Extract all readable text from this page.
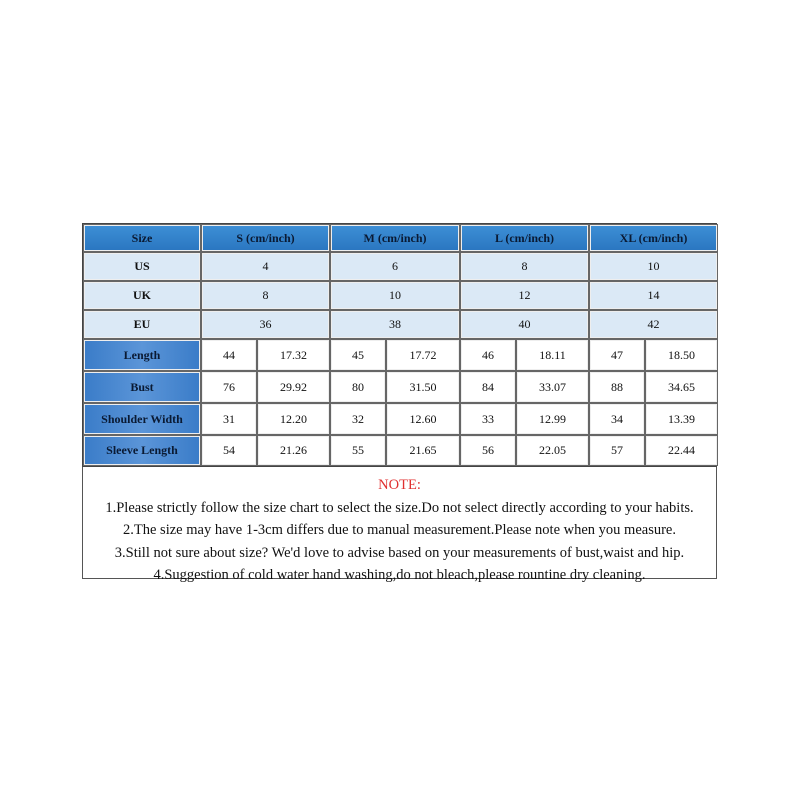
Size	S (cm/inch)	M (cm/inch)	L (cm/inch)	XL (cm/inch)
US	4	6	8	10
UK	8	10	12	14
EU	36	38	40	42
Length	44	17.32	45	17.72	46	18.11	47	18.50
Bust	76	29.92	80	31.50	84	33.07	88	34.65
Shoulder Width	31	12.20	32	12.60	33	12.99	34	13.39
Sleeve Length	54	21.26	55	21.65	56	22.05	57	22.44
NOTE:
1.Please strictly follow the size chart to select the size.Do not select directly according to your habits.
2.The size may have 1-3cm differs due to manual measurement.Please note when you measure.
3.Still not sure about size? We'd love to advise based on your measurements of bust,waist and hip.
4.Suggestion of cold water hand washing,do not bleach,please rountine dry cleaning.
